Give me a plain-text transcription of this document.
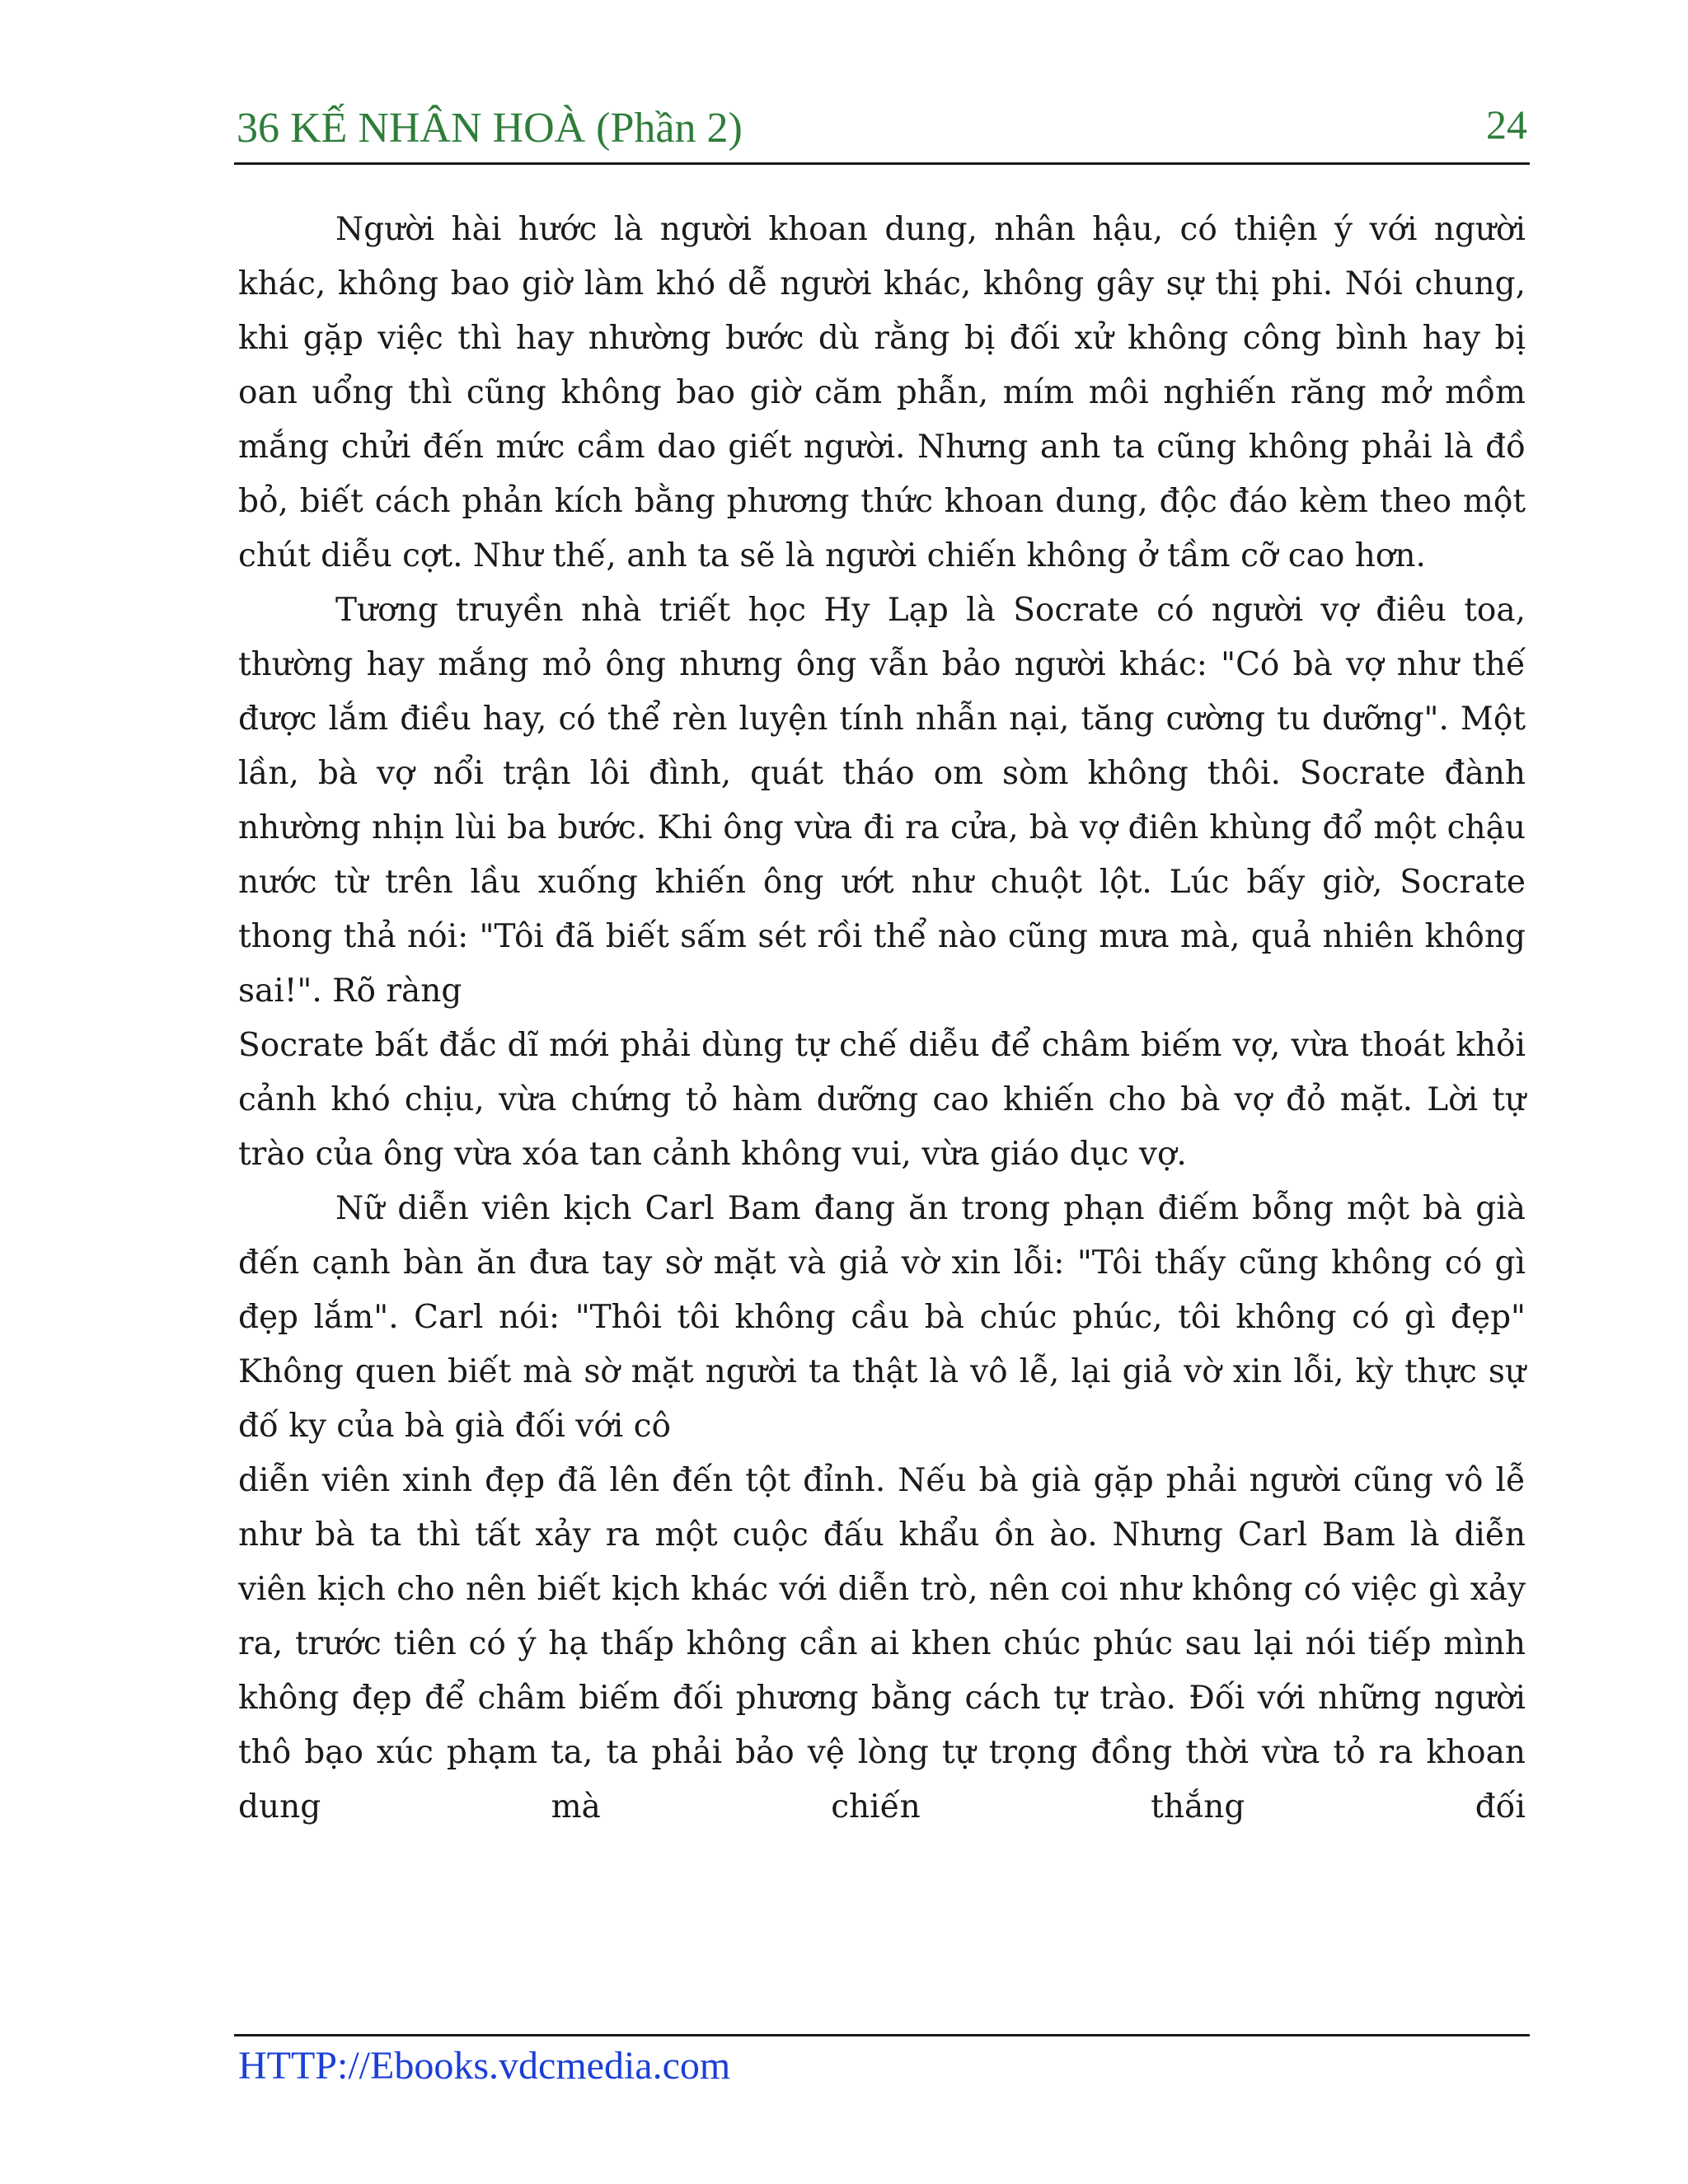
36 KẾ NHÂN HOÀ (Phần 2)	24

Người hài hước là người khoan dung, nhân hậu, có thiện ý với người khác, không bao giờ làm khó dễ người khác, không gây sự thị phi. Nói chung, khi gặp việc thì hay nhường bước dù rằng bị đối xử không công bình hay bị oan uổng thì cũng không bao giờ căm phẫn, mím môi nghiến răng mở mồm mắng chửi đến mức cầm dao giết người. Nhưng anh ta cũng không phải là đồ bỏ, biết cách phản kích bằng phương thức khoan dung, độc đáo kèm theo một chút diễu cợt. Như thế, anh ta sẽ là người chiến không ở tầm cỡ cao hơn.

Tương truyền nhà triết học Hy Lạp là Socrate có người vợ điêu toa, thường hay mắng mỏ ông nhưng ông vẫn bảo người khác: "Có bà vợ như thế được lắm điều hay, có thể rèn luyện tính nhẫn nại, tăng cường tu dưỡng". Một lần, bà vợ nổi trận lôi đình, quát tháo om sòm không thôi. Socrate đành nhường nhịn lùi ba bước. Khi ông vừa đi ra cửa, bà vợ điên khùng đổ một chậu nước từ trên lầu xuống khiến ông ướt như chuột lột. Lúc bấy giờ, Socrate thong thả nói: "Tôi đã biết sấm sét rồi thể nào cũng mưa mà, quả nhiên không sai!". Rõ ràng

Socrate bất đắc dĩ mới phải dùng tự chế diễu để châm biếm vợ, vừa thoát khỏi cảnh khó chịu, vừa chứng tỏ hàm dưỡng cao khiến cho bà vợ đỏ mặt. Lời tự trào của ông vừa xóa tan cảnh không vui, vừa giáo dục vợ.

Nữ diễn viên kịch Carl Bam đang ăn trong phạn điếm bỗng một bà già đến cạnh bàn ăn đưa tay sờ mặt và giả vờ xin lỗi: "Tôi thấy cũng không có gì đẹp lắm". Carl nói: "Thôi tôi không cầu bà chúc phúc, tôi không có gì đẹp" Không quen biết mà sờ mặt người ta thật là vô lễ, lại giả vờ xin lỗi, kỳ thực sự đố ky của bà già đối với cô

diễn viên xinh đẹp đã lên đến tột đỉnh. Nếu bà già gặp phải người cũng vô lễ như bà ta thì tất xảy ra một cuộc đấu khẩu ồn ào. Nhưng Carl Bam là diễn viên kịch cho nên biết kịch khác với diễn trò, nên coi như không có việc gì xảy ra, trước tiên có ý hạ thấp không cần ai khen chúc phúc sau lại nói tiếp mình không đẹp để châm biếm đối phương bằng cách tự trào. Đối với những người thô bạo xúc phạm ta, ta phải bảo vệ lòng tự trọng đồng thời vừa tỏ ra khoan dung mà chiến thắng đối

HTTP://Ebooks.vdcmedia.com
